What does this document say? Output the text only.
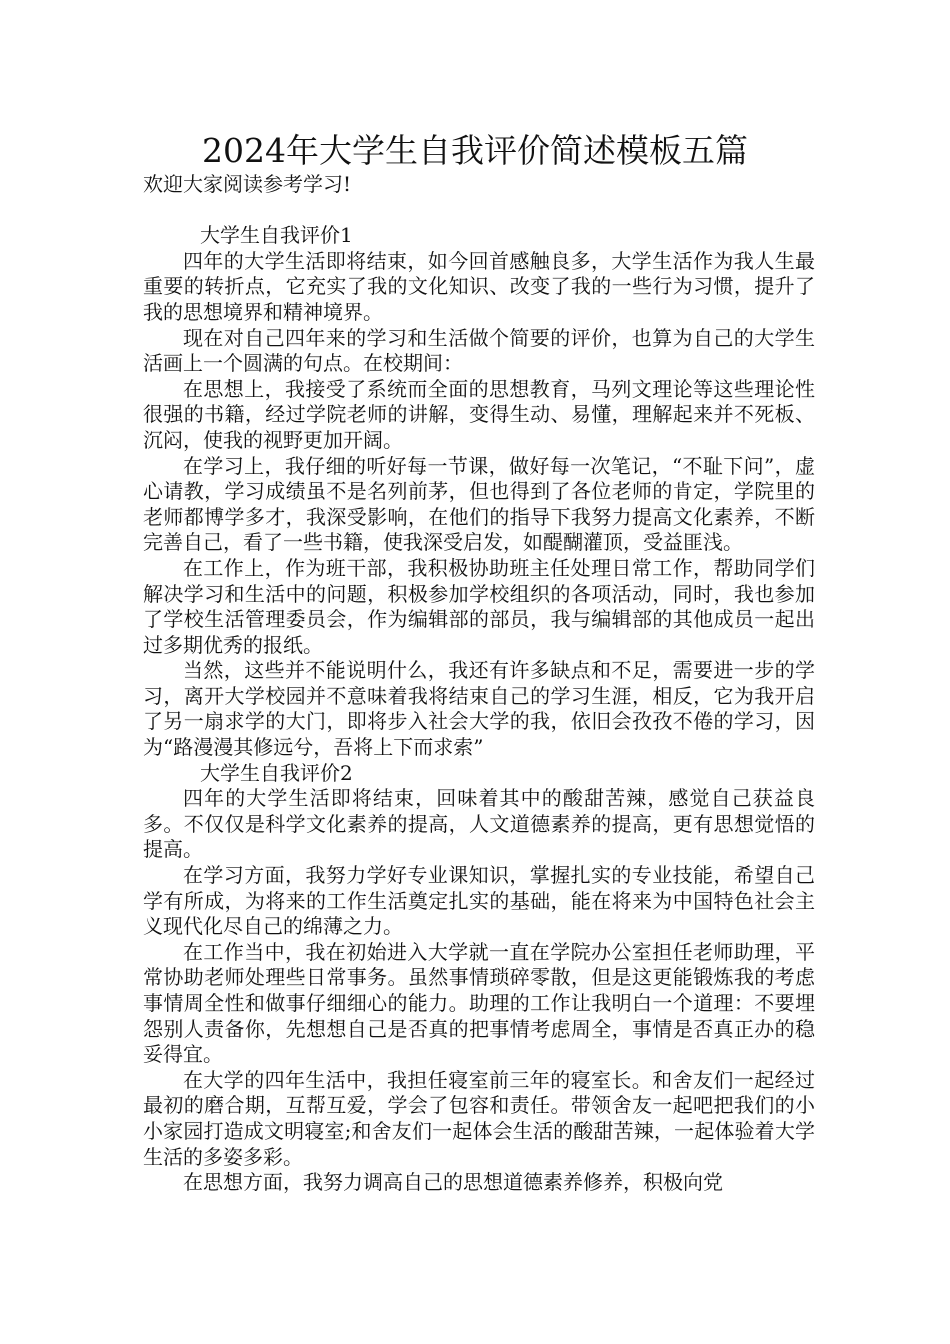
2024年大学生自我评价简述模板五篇

欢迎大家阅读参考学习!

大学生自我评价1

四年的大学生活即将结束，如今回首感触良多，大学生活作为我人生最重要的转折点，它充实了我的文化知识、改变了我的一些行为习惯，提升了我的思想境界和精神境界。

现在对自己四年来的学习和生活做个简要的评价，也算为自己的大学生活画上一个圆满的句点。在校期间：

在思想上，我接受了系统而全面的思想教育，马列文理论等这些理论性很强的书籍，经过学院老师的讲解，变得生动、易懂，理解起来并不死板、沉闷，使我的视野更加开阔。

在学习上，我仔细的听好每一节课，做好每一次笔记，“不耻下问”，虚心请教，学习成绩虽不是名列前茅，但也得到了各位老师的肯定，学院里的老师都博学多才，我深受影响，在他们的指导下我努力提高文化素养，不断完善自己，看了一些书籍，使我深受启发，如醍醐灌顶，受益匪浅。

在工作上，作为班干部，我积极协助班主任处理日常工作，帮助同学们解决学习和生活中的问题，积极参加学校组织的各项活动，同时，我也参加了学校生活管理委员会，作为编辑部的部员，我与编辑部的其他成员一起出过多期优秀的报纸。

当然，这些并不能说明什么，我还有许多缺点和不足，需要进一步的学习，离开大学校园并不意味着我将结束自己的学习生涯，相反，它为我开启了另一扇求学的大门，即将步入社会大学的我，依旧会孜孜不倦的学习，因为“路漫漫其修远兮，吾将上下而求索”

大学生自我评价2

四年的大学生活即将结束，回味着其中的酸甜苦辣，感觉自己获益良多。不仅仅是科学文化素养的提高，人文道德素养的提高，更有思想觉悟的提高。

在学习方面，我努力学好专业课知识，掌握扎实的专业技能，希望自己学有所成，为将来的工作生活奠定扎实的基础，能在将来为中国特色社会主义现代化尽自己的绵薄之力。

在工作当中，我在初始进入大学就一直在学院办公室担任老师助理，平常协助老师处理些日常事务。虽然事情琐碎零散，但是这更能锻炼我的考虑事情周全性和做事仔细细心的能力。助理的工作让我明白一个道理：不要埋怨别人责备你，先想想自己是否真的把事情考虑周全，事情是否真正办的稳妥得宜。

在大学的四年生活中，我担任寝室前三年的寝室长。和舍友们一起经过最初的磨合期，互帮互爱，学会了包容和责任。带领舍友一起吧把我们的小小家园打造成文明寝室;和舍友们一起体会生活的酸甜苦辣，一起体验着大学生活的多姿多彩。

在思想方面，我努力调高自己的思想道德素养修养，积极向党
